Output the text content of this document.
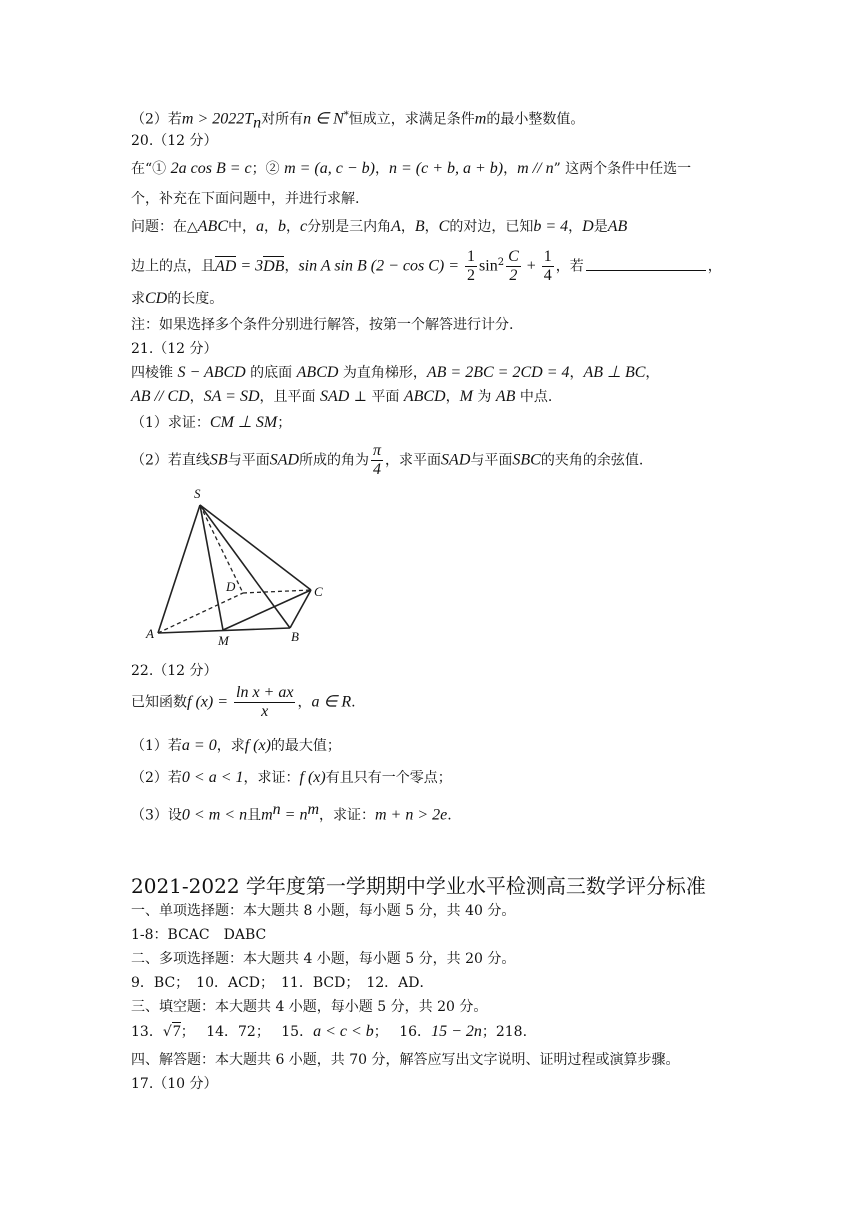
（2）若$m > 2022T_n$对所有n ∈ N*恒成立，求满足条件m的最小整数值。
20.（12 分）
在“① 2a cos B = c；② m = (a, c − b)，n = (c + b, a + b)，m // n” 这两个条件中任选一
个，补充在下面问题中，并进行求解.
问题：在△ABC中，a，b，c分别是三内角A，B，C的对边，已知b = 4，D是AB
边上的点，且AD = 3DB，sin A sin B $(2 - \cos C) = \frac{1}{2} \sin^2 \frac{C}{2} + \frac{1}{4}$ ，若	，
求CD的长度。
注：如果选择多个条件分别进行解答，按第一个解答进行计分.
21.（12 分）
四棱锥 S − ABCD 的底面 ABCD 为直角梯形，AB = 2BC = 2CD = 4，AB ⊥ BC，
AB // CD，SA = SD，且平面 SAD ⊥ 平面 ABCD，M 为 AB 中点.
（1）求证：CM ⊥ SM；
（2）若直线SB与平面SAD所成的角为 $\frac{\pi}{4}$ ，求平面SAD与平面SBC的夹角的余弦值.
S
D	C
A	M	B
22.（12 分）
已知函数f $(x) = \frac{\text{ln x + ax}}{x}$ ，a ∈ R.
（1）若a = 0，求f (x)的最大值；
（2）若0 < a < 1，求证：f (x)有且只有一个零点；
（3）设0 < m < n且$m^n = n^m$，求证：m + n > 2e.
2021-2022 学年度第一学期期中学业水平检测高三数学评分标准
一、单项选择题：本大题共 8 小题，每小题 5 分，共 40 分。
1-8：BCAC　DABC
二、多项选择题：本大题共 4 小题，每小题 5 分，共 20 分。
9．BC；　10．ACD；　11．BCD；　12．AD．
三、填空题：本大题共 4 小题，每小题 5 分，共 20 分。
13．√7；　 14．72；　 15．a < c < b；　 16．15 − 2n；218.
四、解答题：本大题共 6 小题，共 70 分，解答应写出文字说明、证明过程或演算步骤。
17.（10 分）
